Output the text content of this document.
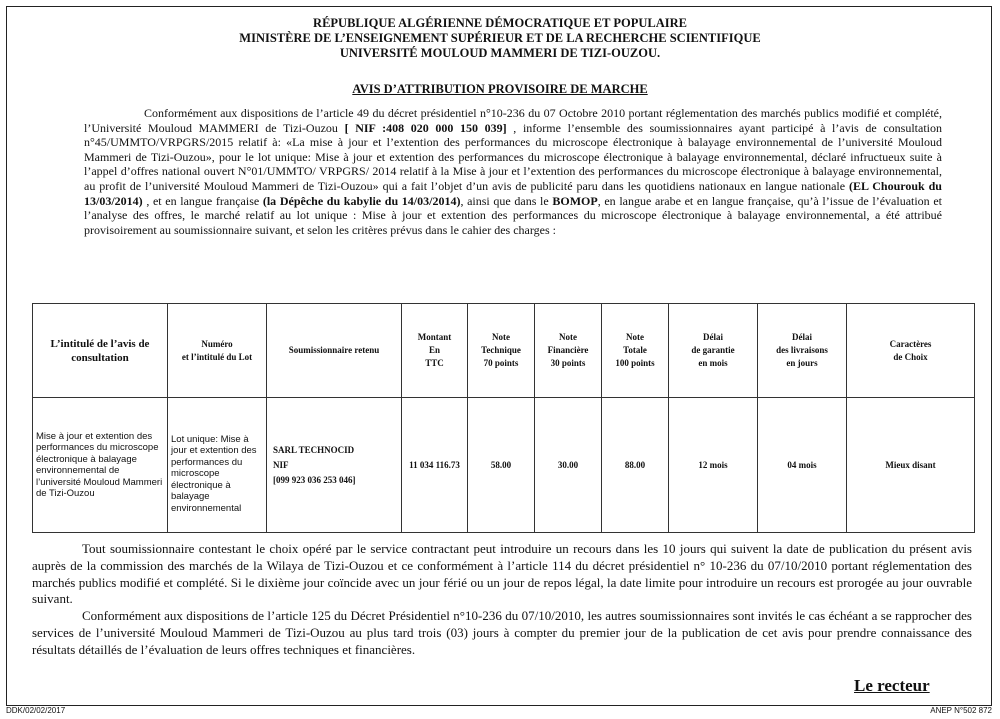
RÉPUBLIQUE ALGÉRIENNE DÉMOCRATIQUE ET POPULAIRE
MINISTÈRE DE L’ENSEIGNEMENT SUPÉRIEUR ET DE LA RECHERCHE SCIENTIFIQUE
UNIVERSITÉ MOULOUD MAMMERI DE TIZI-OUZOU.
AVIS D’ATTRIBUTION PROVISOIRE DE MARCHE
Conformément aux dispositions de l’article 49 du décret présidentiel n°10-236 du 07 Octobre 2010 portant réglementation des marchés publics modifié et complété, l’Université Mouloud MAMMERI de Tizi-Ouzou [ NIF :408 020 000 150 039] , informe l’ensemble des soumissionnaires ayant participé à l’avis de consultation n°45/UMMTO/VRPGRS/2015 relatif à: «La mise à jour et l’extention des performances du microscope électronique à balayage environnemental de l’université Mouloud Mammeri de Tizi-Ouzou», pour le lot unique: Mise à jour et extention des performances du microscope électronique à balayage environnemental, déclaré infructueux suite à l’appel d’offres national ouvert N°01/UMMTO/ VRPGRS/ 2014 relatif à la Mise à jour et l’extention des performances du microscope électronique à balayage environnemental, au profit de l’université Mouloud Mammeri de Tizi-Ouzou» qui a fait l’objet d’un avis de publicité paru dans les quotidiens nationaux en langue nationale (EL Chourouk du 13/03/2014) , et en langue française (la Dépêche du kabylie du 14/03/2014), ainsi que dans le BOMOP, en langue arabe et en langue française, qu’à l’issue de l’évaluation et l’analyse des offres, le marché relatif au lot unique : Mise à jour et extention des performances du microscope électronique à balayage environnemental, a été attribué provisoirement au soumissionnaire suivant, et selon les critères prévus dans le cahier des charges :
L’intitulé de l’avis de consultation	Numéro
et l’intitulé du Lot	Soumissionnaire retenu	Montant
En
TTC	Note
Technique
70 points	Note
Financière
30 points	Note
Totale
100 points	Délai
de garantie
en mois	Délai
des livraisons
en jours	Caractères
de Choix
Mise à jour et extention des performances du microscope électronique à balayage environnemental de l’université Mouloud Mammeri de Tizi-Ouzou	Lot unique: Mise à jour et extention des performances du microscope électronique à balayage environnemental	SARL TECHNOCID
NIF
[099 923 036 253 046]	11 034 116.73	58.00	30.00	88.00	12 mois	04 mois	Mieux disant

Tout soumissionnaire contestant le choix opéré par le service contractant peut introduire un recours dans les 10 jours qui suivent la date de publication du présent avis auprès de la commission des marchés de la Wilaya de Tizi-Ouzou et ce conformément à l’article 114 du décret présidentiel n° 10-236 du 07/10/2010 portant réglementation des marchés publics modifié et complété. Si le dixième jour coïncide avec un jour férié ou un jour de repos légal, la date limite pour introduire un recours est prorogée au jour ouvrable suivant.

Conformément aux dispositions de l’article 125 du Décret Présidentiel n°10-236 du 07/10/2010, les autres soumissionnaires sont invités le cas échéant a se rapprocher des services de l’université Mouloud Mammeri de Tizi-Ouzou au plus tard trois (03) jours à compter du premier jour de la publication de cet avis pour prendre connaissance des résultats détaillés de l’évaluation de leurs offres techniques et financières.

Le recteur
DDK/02/02/2017	ANEP N°502 872
